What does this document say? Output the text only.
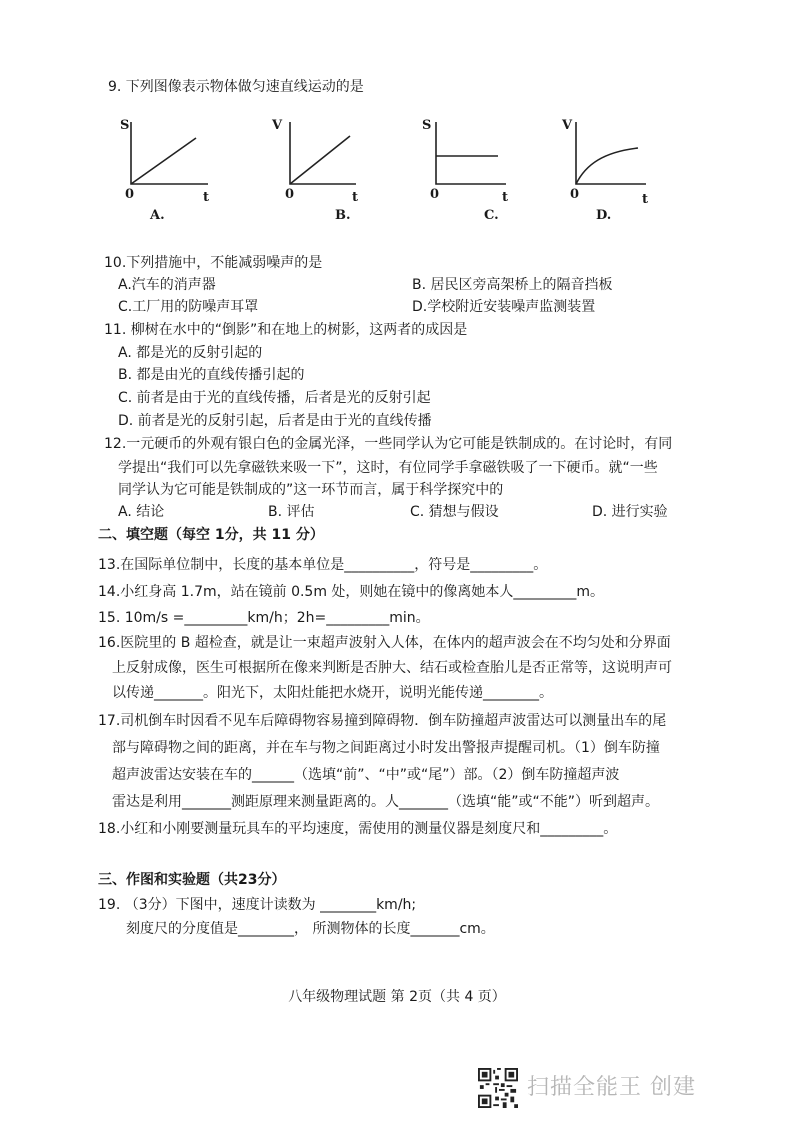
9. 下列图像表示物体做匀速直线运动的是
S
0	t
V
0	t
S
0	t
V
0	t
A.	B.	C.	D.
10.下列措施中，不能减弱噪声的是
A.汽车的消声器	B. 居民区旁高架桥上的隔音挡板
C.工厂用的防噪声耳罩	D.学校附近安装噪声监测装置
11. 柳树在水中的“倒影”和在地上的树影，这两者的成因是
A. 都是光的反射引起的
B. 都是由光的直线传播引起的
C. 前者是由于光的直线传播，后者是光的反射引起
D. 前者是光的反射引起，后者是由于光的直线传播
12.一元硬币的外观有银白色的金属光泽，一些同学认为它可能是铁制成的。在讨论时，有同
学提出“我们可以先拿磁铁来吸一下”，这时，有位同学手拿磁铁吸了一下硬币。就“一些
同学认为它可能是铁制成的”这一环节而言，属于科学探究中的
A. 结论	B. 评估	C. 猜想与假设	D. 进行实验
二、填空题（每空 1分，共 11 分）
13.在国际单位制中，长度的基本单位是__________，符号是_________。
14.小红身高 1.7m，站在镜前 0.5m 处，则她在镜中的像离她本人_________m。
15. 10m/s =_________km/h；2h=_________min。
16.医院里的 B 超检查，就是让一束超声波射入人体，在体内的超声波会在不均匀处和分界面
上反射成像，医生可根据所在像来判断是否肿大、结石或检查胎儿是否正常等，这说明声可
以传递_______。阳光下，太阳灶能把水烧开，说明光能传递________。
17.司机倒车时因看不见车后障碍物容易撞到障碍物．倒车防撞超声波雷达可以测量出车的尾
部与障碍物之间的距离，并在车与物之间距离过小时发出警报声提醒司机。（1）倒车防撞
超声波雷达安装在车的______（选填“前”、“中”或“尾”）部。（2）倒车防撞超声波
雷达是利用_______测距原理来测量距离的。人_______（选填“能”或“不能”）听到超声。
18.小红和小刚要测量玩具车的平均速度，需使用的测量仪器是刻度尺和_________。
三、作图和实验题（共23分）
19. （3分）下图中，速度计读数为 ________km/h;
刻度尺的分度值是________， 所测物体的长度_______cm。
八年级物理试题 第 2页（共 4 页）
扫描全能王 创建
